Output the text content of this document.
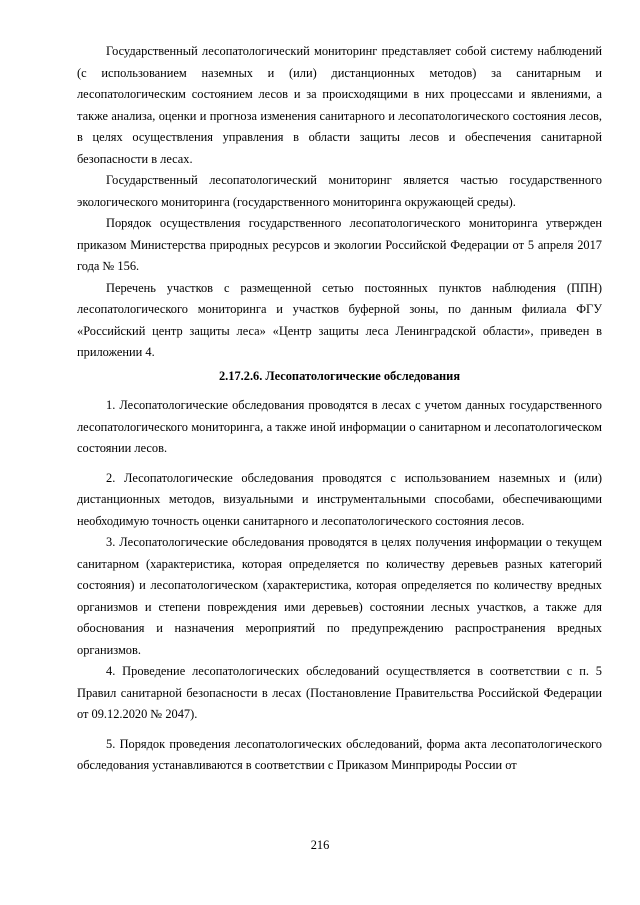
Государственный лесопатологический мониторинг представляет собой систему наблюдений (с использованием наземных и (или) дистанционных методов) за санитарным и лесопатологическим состоянием лесов и за происходящими в них процессами и явлениями, а также анализа, оценки и прогноза изменения санитарного и лесопатологического состояния лесов, в целях осуществления управления в области защиты лесов и обеспечения санитарной безопасности в лесах.

Государственный лесопатологический мониторинг является частью государственного экологического мониторинга (государственного мониторинга окружающей среды).

Порядок осуществления государственного лесопатологического мониторинга утвержден приказом Министерства природных ресурсов и экологии Российской Федерации от 5 апреля 2017 года № 156.

Перечень участков с размещенной сетью постоянных пунктов наблюдения (ППН) лесопатологического мониторинга и участков буферной зоны, по данным филиала ФГУ «Российский центр защиты леса» «Центр защиты леса Ленинградской области», приведен в приложении 4.

2.17.2.6. Лесопатологические обследования

1. Лесопатологические обследования проводятся в лесах с учетом данных государственного лесопатологического мониторинга, а также иной информации о санитарном и лесопатологическом состоянии лесов.

2. Лесопатологические обследования проводятся с использованием наземных и (или) дистанционных методов, визуальными и инструментальными способами, обеспечивающими необходимую точность оценки санитарного и лесопатологического состояния лесов.

3. Лесопатологические обследования проводятся в целях получения информации о текущем санитарном (характеристика, которая определяется по количеству деревьев разных категорий состояния) и лесопатологическом (характеристика, которая определяется по количеству вредных организмов и степени повреждения ими деревьев) состоянии лесных участков, а также для обоснования и назначения мероприятий по предупреждению распространения вредных организмов.

4. Проведение лесопатологических обследований осуществляется в соответствии с п. 5 Правил санитарной безопасности в лесах (Постановление Правительства Российской Федерации от 09.12.2020 № 2047).

5. Порядок проведения лесопатологических обследований, форма акта лесопатологического обследования устанавливаются в соответствии с Приказом Минприроды России от

216
